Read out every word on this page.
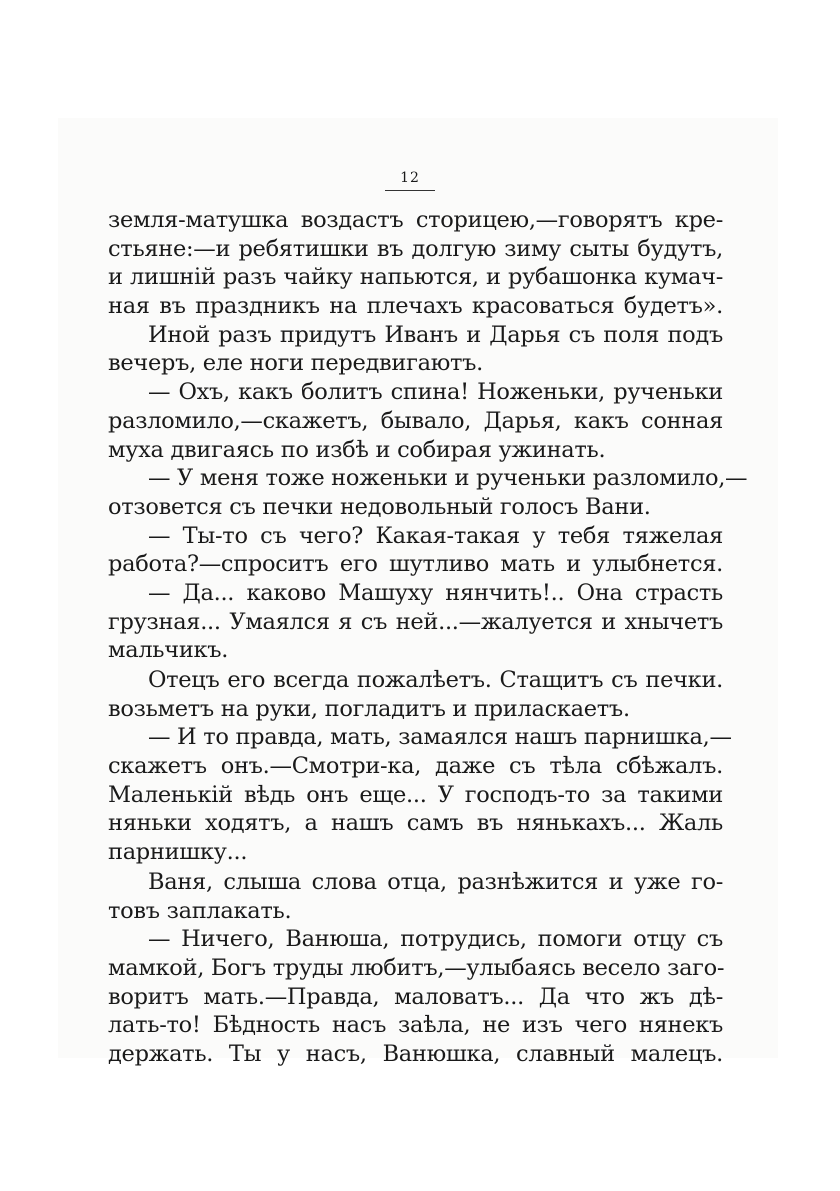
12
земля-матушка воздастъ сторицею,—говорятъ кре-
стьяне:—и ребятишки въ долгую зиму сыты будутъ,
и лишнiй разъ чайку напьются, и рубашонка кумач-
ная въ праздникъ на плечахъ красоваться будетъ».
Иной разъ придутъ Иванъ и Дарья съ поля подъ
вечеръ, еле ноги передвигаютъ.
— Охъ, какъ болитъ спина! Ноженьки, рученьки
разломило,—скажетъ, бывало, Дарья, какъ сонная
муха двигаясь по избѣ и собирая ужинать.
— У меня тоже ноженьки и рученьки разломило,—
отзовется съ печки недовольный голосъ Вани.
— Ты-то съ чего? Какая-такая у тебя тяжелая
работа?—спроситъ его шутливо мать и улыбнется.
— Да... каково Машуху нянчить!.. Она страсть
грузная... Умаялся я съ ней...—жалуется и хнычетъ
мальчикъ.
Отецъ его всегда пожалѣетъ. Стащитъ съ печки.
возьметъ на руки, погладитъ и приласкаетъ.
— И то правда, мать, замаялся нашъ парнишка,—
скажетъ онъ.—Смотри-ка, даже съ тѣла сбѣжалъ.
Маленькiй вѣдь онъ еще... У господъ-то за такими
няньки ходятъ, а нашъ самъ въ нянькахъ... Жаль
парнишку...
Ваня, слыша слова отца, разнѣжится и уже го-
товъ заплакать.
— Ничего, Ванюша, потрудись, помоги отцу съ
мамкой, Богъ труды любитъ,—улыбаясь весело заго-
воритъ мать.—Правда, маловатъ... Да что жъ дѣ-
лать-то! Бѣдность насъ заѣла, не изъ чего нянекъ
держать. Ты у насъ, Ванюшка, славный малецъ.
